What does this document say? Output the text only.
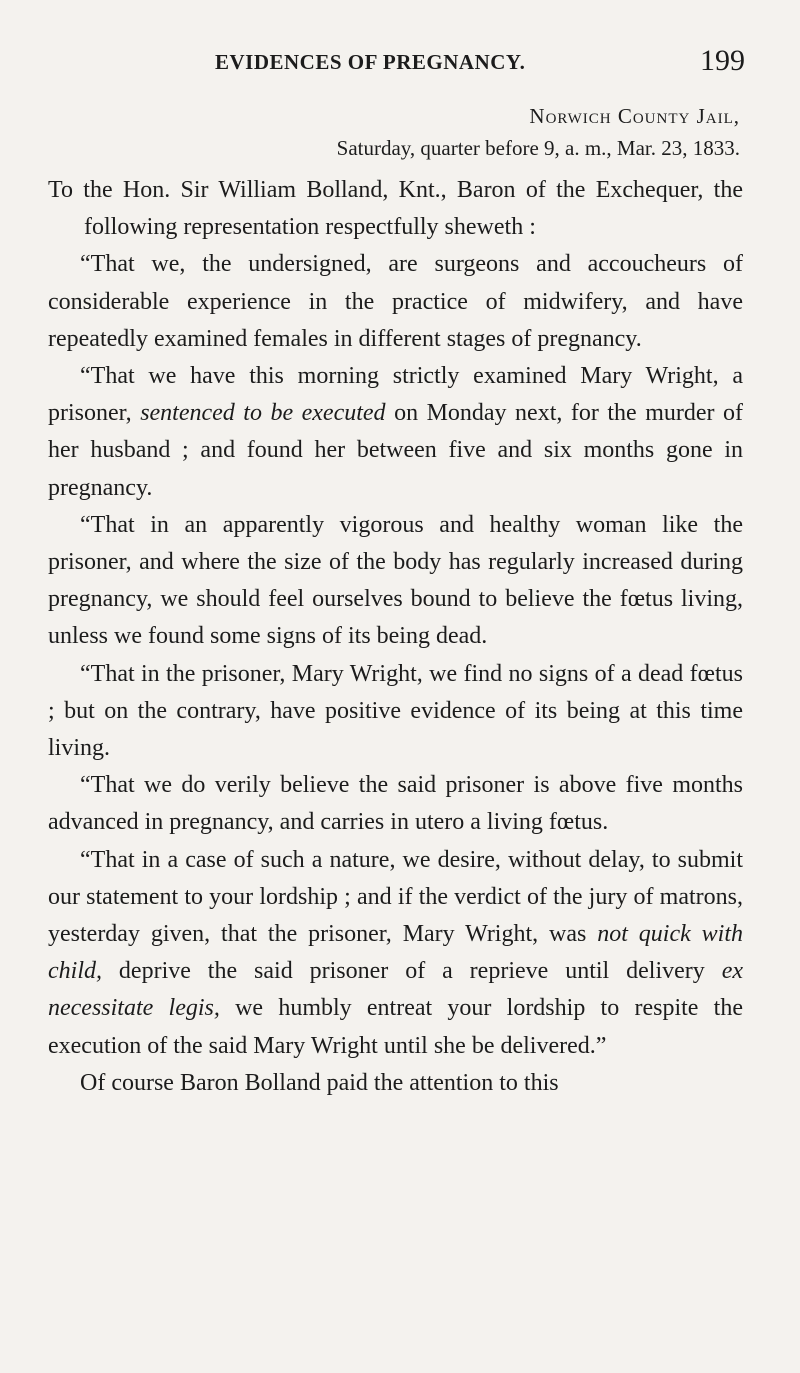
EVIDENCES OF PREGNANCY.	199
Norwich County Jail,
Saturday, quarter before 9, a. m., Mar. 23, 1833.

To the Hon. Sir William Bolland, Knt., Baron of the Exchequer, the following representation respectfully sheweth :

“That we, the undersigned, are surgeons and accoucheurs of considerable experience in the practice of midwifery, and have repeatedly examined females in different stages of pregnancy.

“That we have this morning strictly examined Mary Wright, a prisoner, sentenced to be executed on Monday next, for the murder of her husband ; and found her between five and six months gone in pregnancy.

“That in an apparently vigorous and healthy woman like the prisoner, and where the size of the body has regularly increased during pregnancy, we should feel ourselves bound to believe the fœtus living, unless we found some signs of its being dead.

“That in the prisoner, Mary Wright, we find no signs of a dead fœtus ; but on the contrary, have positive evidence of its being at this time living.

“That we do verily believe the said prisoner is above five months advanced in pregnancy, and carries in utero a living fœtus.

“That in a case of such a nature, we desire, without delay, to submit our statement to your lordship ; and if the verdict of the jury of matrons, yesterday given, that the prisoner, Mary Wright, was not quick with child, deprive the said prisoner of a reprieve until delivery ex necessitate legis, we humbly entreat your lordship to respite the execution of the said Mary Wright until she be delivered.”

Of course Baron Bolland paid the attention to this
